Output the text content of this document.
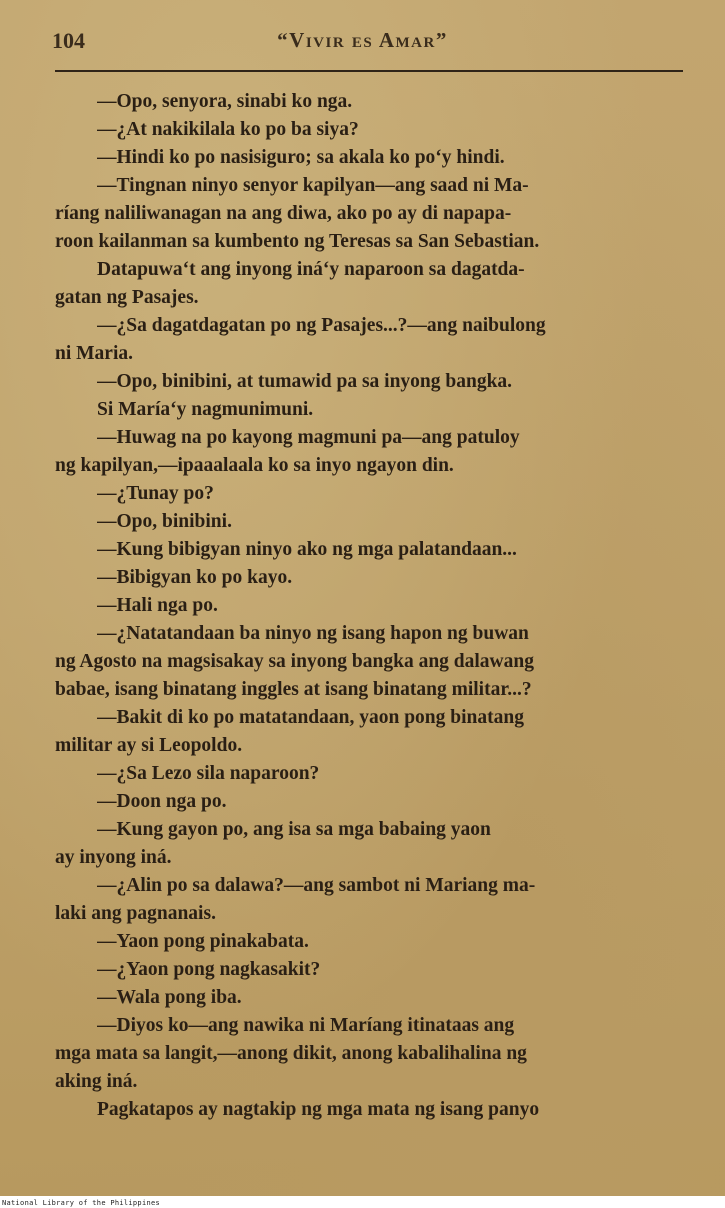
104	“Vivir es Amar”
—Opo, senyora, sinabi ko nga.
—¿At nakikilala ko po ba siya?
—Hindi ko po nasisiguro; sa akala ko po‘y hindi.
—Tingnan ninyo senyor kapilyan—ang saad ni Ma-
ríang naliliwanagan na ang diwa, ako po ay di napapa-
roon kailanman sa kumbento ng Teresas sa San Sebastian.
Datapuwa‘t ang inyong iná‘y naparoon sa dagatda-
gatan ng Pasajes.
—¿Sa dagatdagatan po ng Pasajes...?—ang naibulong
ni Maria.
—Opo, binibini, at tumawid pa sa inyong bangka.
Si María‘y nagmunimuni.
—Huwag na po kayong magmuni pa—ang patuloy
ng kapilyan,—ipaaalaala ko sa inyo ngayon din.
—¿Tunay po?
—Opo, binibini.
—Kung bibigyan ninyo ako ng mga palatandaan...
—Bibigyan ko po kayo.
—Hali nga po.
—¿Natatandaan ba ninyo ng isang hapon ng buwan
ng Agosto na magsisakay sa inyong bangka ang dalawang
babae, isang binatang inggles at isang binatang militar...?
—Bakit di ko po matatandaan, yaon pong binatang
militar ay si Leopoldo.
—¿Sa Lezo sila naparoon?
—Doon nga po.
—Kung gayon po, ang isa sa mga babaing yaon
ay inyong iná.
—¿Alin po sa dalawa?—ang sambot ni Mariang ma-
laki ang pagnanais.
—Yaon pong pinakabata.
—¿Yaon pong nagkasakit?
—Wala pong iba.
—Diyos ko—ang nawika ni Maríang itinataas ang
mga mata sa langit,—anong dikit, anong kabalihalina ng
aking iná.
Pagkatapos ay nagtakip ng mga mata ng isang panyo
National Library of the Philippines
